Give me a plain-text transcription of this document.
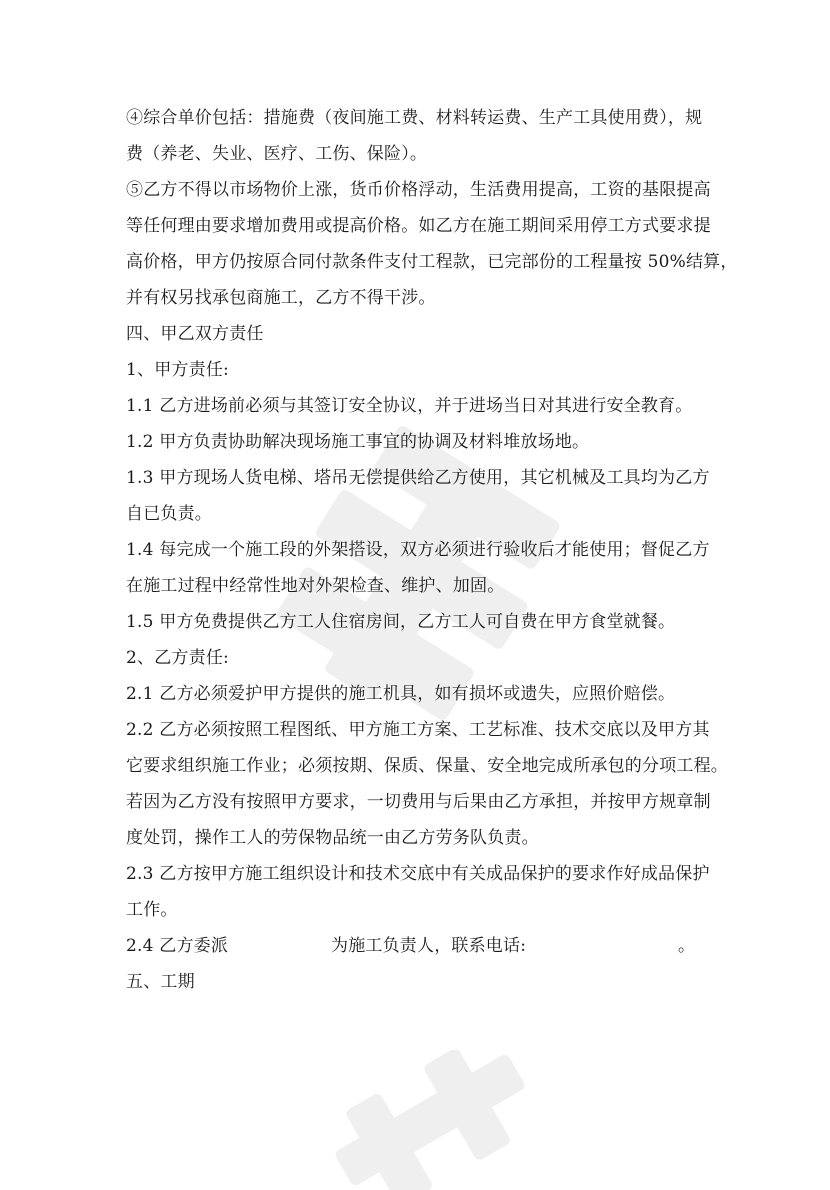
④综合单价包括：措施费（夜间施工费、材料转运费、生产工具使用费），规
费（养老、失业、医疗、工伤、保险）。
⑤乙方不得以市场物价上涨，货币价格浮动，生活费用提高，工资的基限提高
等任何理由要求增加费用或提高价格。如乙方在施工期间采用停工方式要求提
高价格，甲方仍按原合同付款条件支付工程款，已完部份的工程量按 50%结算，
并有权另找承包商施工，乙方不得干涉。
四、甲乙双方责任
1、甲方责任:
1.1 乙方进场前必须与其签订安全协议，并于进场当日对其进行安全教育。
1.2 甲方负责协助解决现场施工事宜的协调及材料堆放场地。
1.3 甲方现场人货电梯、塔吊无偿提供给乙方使用，其它机械及工具均为乙方
自已负责。
1.4 每完成一个施工段的外架搭设，双方必须进行验收后才能使用；督促乙方
在施工过程中经常性地对外架检查、维护、加固。
1.5 甲方免费提供乙方工人住宿房间，乙方工人可自费在甲方食堂就餐。
2、乙方责任:
2.1 乙方必须爱护甲方提供的施工机具，如有损坏或遗失，应照价赔偿。
2.2 乙方必须按照工程图纸、甲方施工方案、工艺标准、技术交底以及甲方其
它要求组织施工作业；必须按期、保质、保量、安全地完成所承包的分项工程。
若因为乙方没有按照甲方要求，一切费用与后果由乙方承担，并按甲方规章制
度处罚，操作工人的劳保物品统一由乙方劳务队负责。
2.3 乙方按甲方施工组织设计和技术交底中有关成品保护的要求作好成品保护
工作。
2.4 乙方委派	为施工负责人，联系电话:	。
五、工期
